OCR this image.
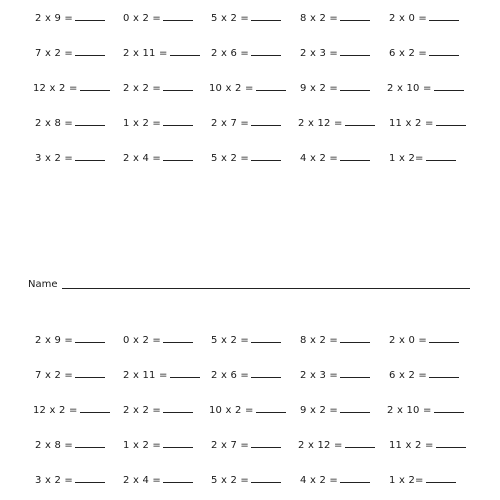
2 x 9 =	0 x 2 =	5 x 2 =	8 x 2 =	2 x 0 =
7 x 2 =	2 x 11 =	2 x 6 =	2 x 3 =	6 x 2 =
12 x 2 =	2 x 2 =	10 x 2 =	9 x 2 =	2 x 10 =
2 x 8 =	1 x 2 =	2 x 7 =	2 x 12 =	11 x 2 =
3 x 2 =	2 x 4 =	5 x 2 =	4 x 2 =	1 x 2=
Name
2 x 9 =	0 x 2 =	5 x 2 =	8 x 2 =	2 x 0 =
7 x 2 =	2 x 11 =	2 x 6 =	2 x 3 =	6 x 2 =
12 x 2 =	2 x 2 =	10 x 2 =	9 x 2 =	2 x 10 =
2 x 8 =	1 x 2 =	2 x 7 =	2 x 12 =	11 x 2 =
3 x 2 =	2 x 4 =	5 x 2 =	4 x 2 =	1 x 2=
